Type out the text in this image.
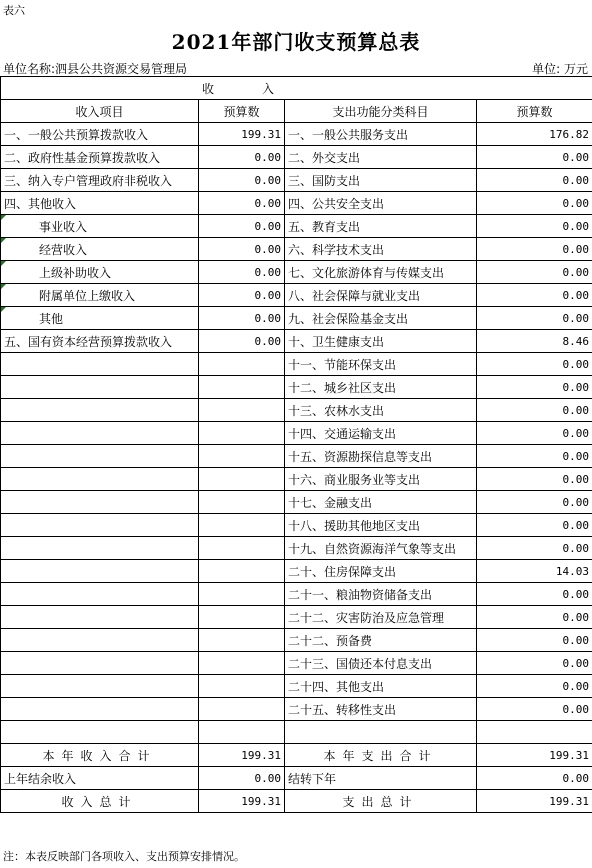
表六
2021年部门收支预算总表
单位名称:泗县公共资源交易管理局	单位: 万元
收　　　　入			
收入项目	预算数	支出功能分类科目	预算数
一、一般公共预算拨款收入	199.31	一、一般公共服务支出	176.82
二、政府性基金预算拨款收入	0.00	二、外交支出	0.00
三、纳入专户管理政府非税收入	0.00	三、国防支出	0.00
四、其他收入	0.00	四、公共安全支出	0.00
事业收入	0.00	五、教育支出	0.00
经营收入	0.00	六、科学技术支出	0.00
上级补助收入	0.00	七、文化旅游体育与传媒支出	0.00
附属单位上缴收入	0.00	八、社会保障与就业支出	0.00
其他	0.00	九、社会保险基金支出	0.00
五、国有资本经营预算拨款收入	0.00	十、卫生健康支出	8.46
		十一、节能环保支出	0.00
		十二、城乡社区支出	0.00
		十三、农林水支出	0.00
		十四、交通运输支出	0.00
		十五、资源勘探信息等支出	0.00
		十六、商业服务业等支出	0.00
		十七、金融支出	0.00
		十八、援助其他地区支出	0.00
		十九、自然资源海洋气象等支出	0.00
		二十、住房保障支出	14.03
		二十一、粮油物资储备支出	0.00
		二十二、灾害防治及应急管理	0.00
		二十二、预备费	0.00
		二十三、国债还本付息支出	0.00
		二十四、其他支出	0.00
		二十五、转移性支出	0.00

本年收入合计	199.31	本年支出合计	199.31
上年结余收入	0.00	结转下年	0.00
收入总计	199.31	支出总计	199.31
注：本表反映部门各项收入、支出预算安排情况。
